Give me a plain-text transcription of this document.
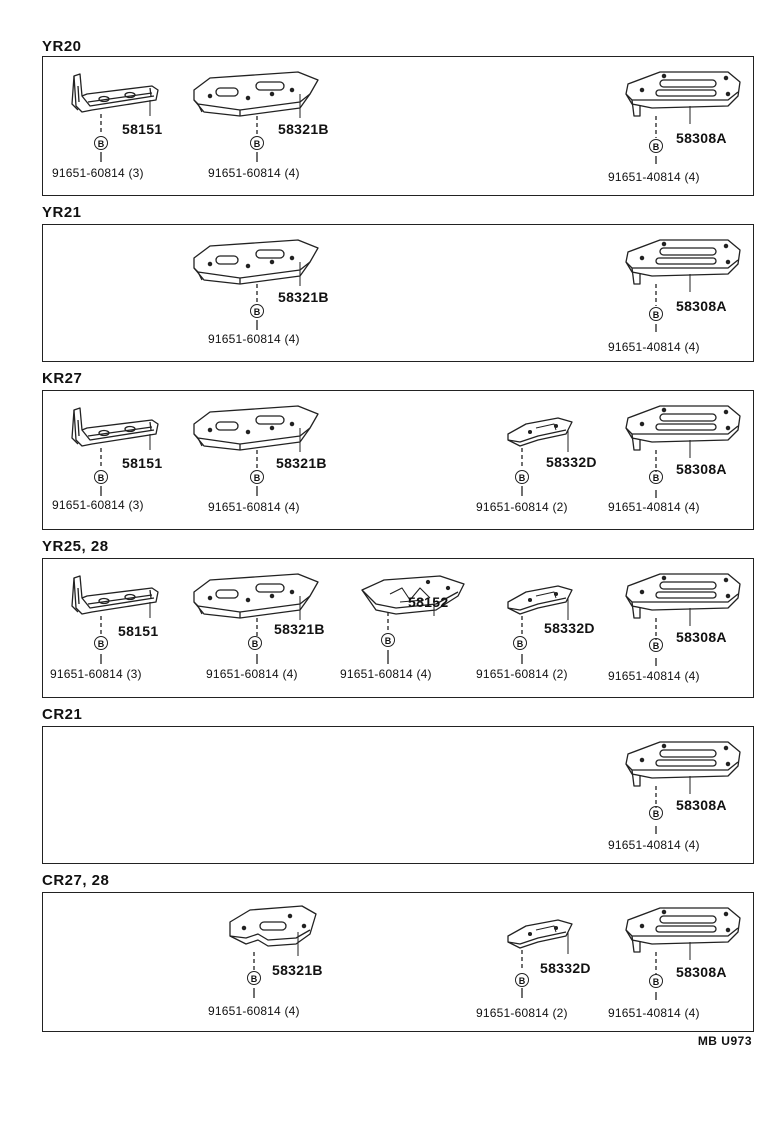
YR20
YR21
KR27
YR25, 28
CR21
CR27, 28
B
58151
91651-60814 (3)
B
58321B
91651-60814 (4)
B
58308A
91651-40814 (4)
B
58321B
91651-60814 (4)
B
58308A
91651-40814 (4)
B
58151
91651-60814 (3)
B
58321B
91651-60814 (4)
B
58332D
91651-60814 (2)
B
58308A
91651-40814 (4)
B
58151
91651-60814 (3)
B
58321B
91651-60814 (4)
B
58152
91651-60814 (4)
B
58332D
91651-60814 (2)
B
58308A
91651-40814 (4)
B
58308A
91651-40814 (4)
B
58321B
91651-60814 (4)
B
58332D
91651-60814 (2)
B
58308A
91651-40814 (4)
MB U973
